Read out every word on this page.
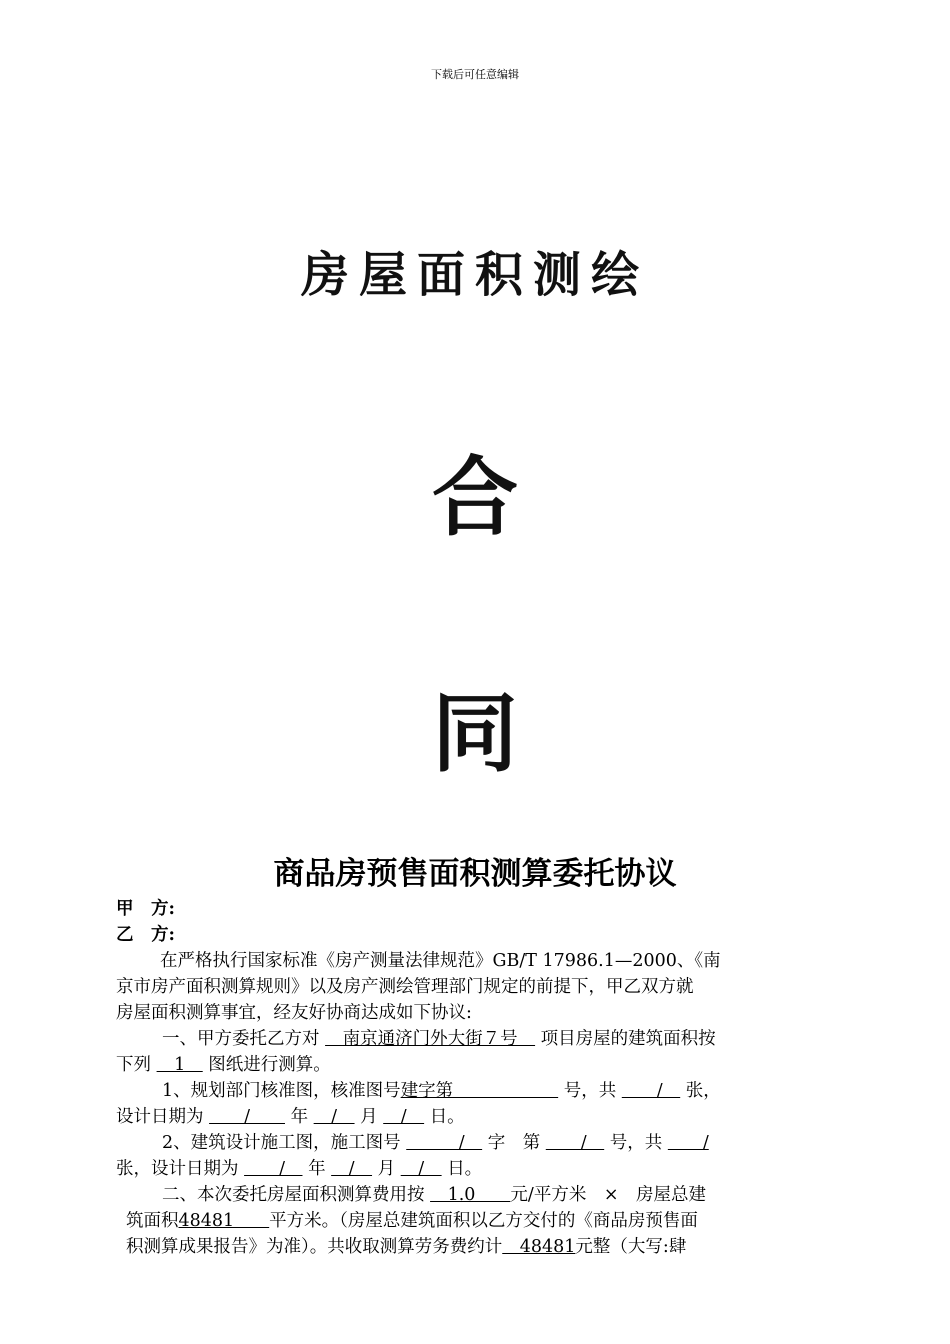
下载后可任意编辑
房屋面积测绘
合
同
商品房预售面积测算委托协议
甲　方:
乙　方:
在严格执行国家标准《房产测量法律规范》GB/T 17986.1—2000、《南
京市房产面积测算规则》以及房产测绘管理部门规定的前提下，甲乙双方就
房屋面积测算事宜，经友好协商达成如下协议:
一、甲方委托乙方对 　南京通济门外大街７号　 项目房屋的建筑面积按
下列 　1　 图纸进行测算。
1、规划部门核准图，核准图号建字第　　　　　　 号，共 　　/　 张，
设计日期为 　　/　　 年 　/　 月 　/　 日。
2、建筑设计施工图，施工图号 　　　/　 字　第 　　/　 号，共 　　/
张，设计日期为 　　/　 年 　/　 月 　/　 日。
二、本次委托房屋面积测算费用按 　1.0　　元/平方米　×　房屋总建
筑面积48481　　平方米。（房屋总建筑面积以乙方交付的《商品房预售面
积测算成果报告》为准）。共收取测算劳务费约计　48481元整（大写:肆
